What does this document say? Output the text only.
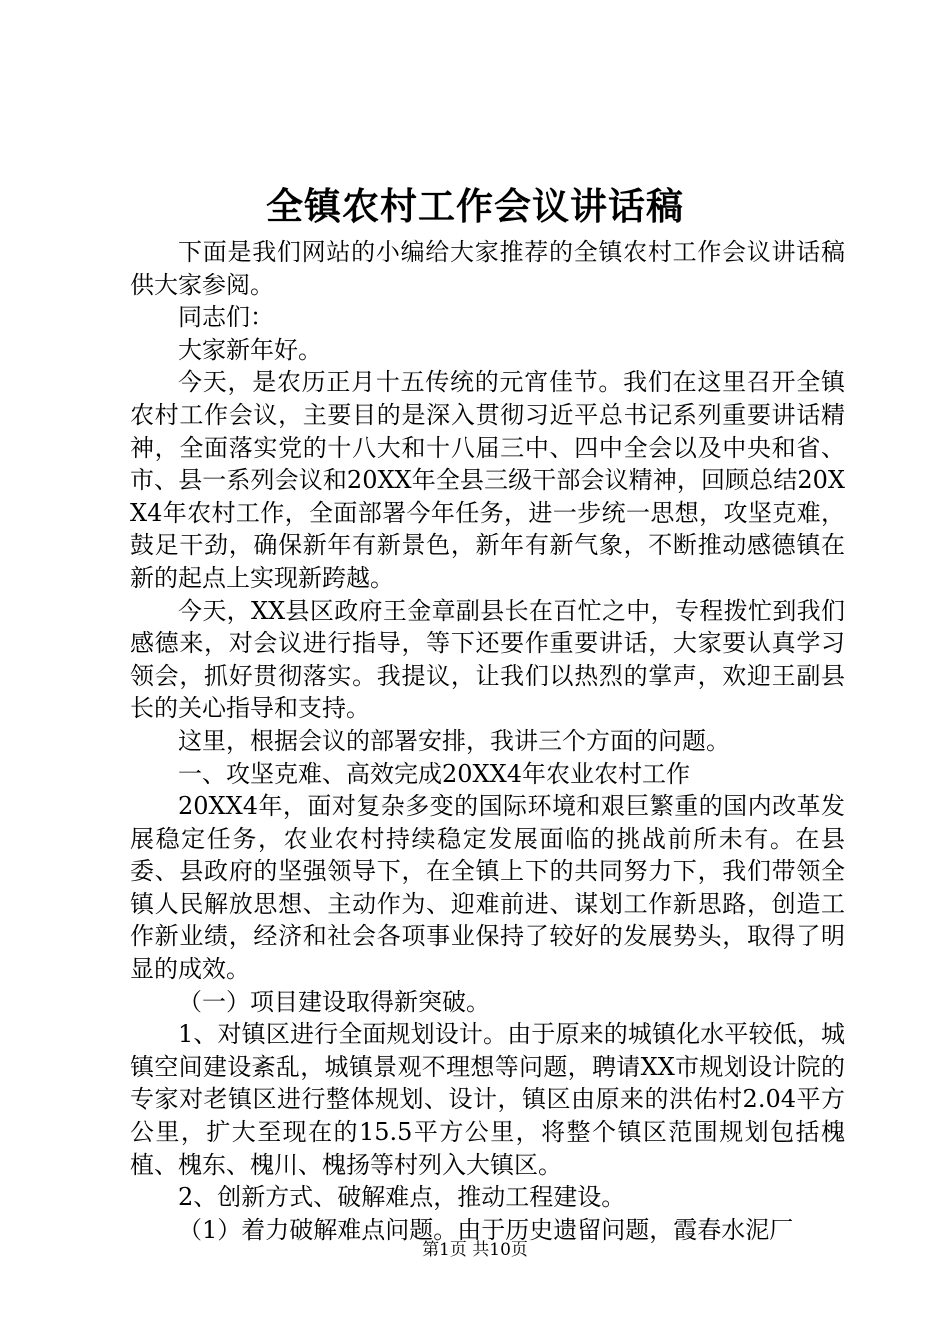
全镇农村工作会议讲话稿

下面是我们网站的小编给大家推荐的全镇农村工作会议讲话稿供大家参阅。

同志们：

大家新年好。

今天，是农历正月十五传统的元宵佳节。我们在这里召开全镇农村工作会议，主要目的是深入贯彻习近平总书记系列重要讲话精神，全面落实党的十八大和十八届三中、四中全会以及中央和省、市、县一系列会议和20XX年全县三级干部会议精神，回顾总结20XX4年农村工作，全面部署今年任务，进一步统一思想，攻坚克难，鼓足干劲，确保新年有新景色，新年有新气象，不断推动感德镇在新的起点上实现新跨越。

今天，XX县区政府王金章副县长在百忙之中，专程拨忙到我们感德来，对会议进行指导，等下还要作重要讲话，大家要认真学习领会，抓好贯彻落实。我提议，让我们以热烈的掌声，欢迎王副县长的关心指导和支持。

这里，根据会议的部署安排，我讲三个方面的问题。

一、攻坚克难、高效完成20XX4年农业农村工作

20XX4年，面对复杂多变的国际环境和艰巨繁重的国内改革发展稳定任务，农业农村持续稳定发展面临的挑战前所未有。在县委、县政府的坚强领导下，在全镇上下的共同努力下，我们带领全镇人民解放思想、主动作为、迎难前进、谋划工作新思路，创造工作新业绩，经济和社会各项事业保持了较好的发展势头，取得了明显的成效。

（一）项目建设取得新突破。

1、对镇区进行全面规划设计。由于原来的城镇化水平较低，城镇空间建设紊乱，城镇景观不理想等问题，聘请XX市规划设计院的专家对老镇区进行整体规划、设计，镇区由原来的洪佑村2.04平方公里，扩大至现在的15.5平方公里，将整个镇区范围规划包括槐植、槐东、槐川、槐扬等村列入大镇区。

2、创新方式、破解难点，推动工程建设。

（1）着力破解难点问题。由于历史遗留问题，霞春水泥厂

第1页 共10页
